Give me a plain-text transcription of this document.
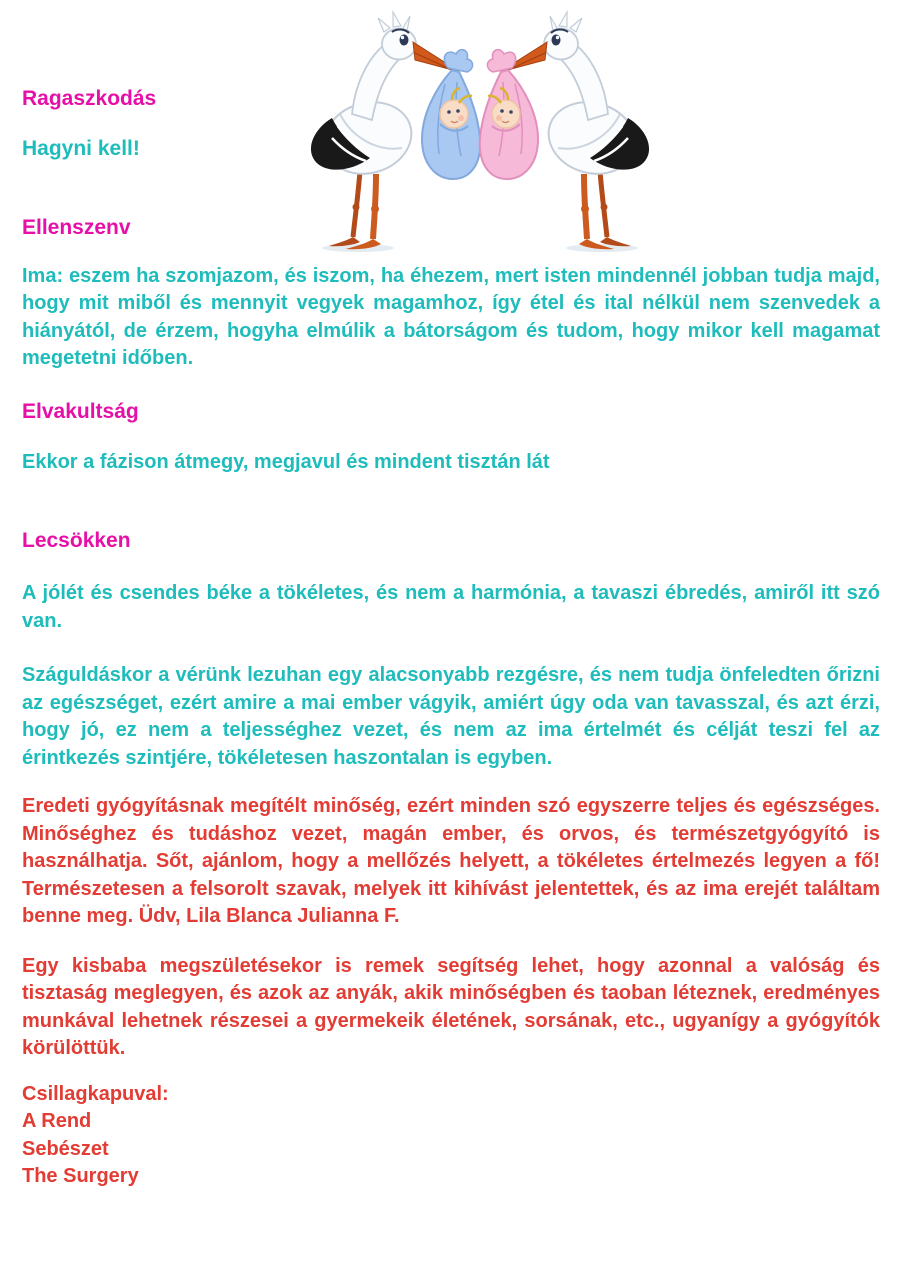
Ragaszkodás
Hagyni kell!
Ellenszenv

Ima: eszem ha szomjazom, és iszom, ha éhezem, mert isten mindennél jobban tudja majd, hogy mit miből és mennyit vegyek magamhoz, így étel és ital nélkül nem szenvedek a hiányától, de érzem, hogyha elmúlik a bátorságom és tudom, hogy mikor kell magamat megetetni időben.

Elvakultság

Ekkor a fázison átmegy, megjavul és mindent tisztán lát

Lecsökken

A jólét és csendes béke a tökéletes, és nem a harmónia, a tavaszi ébredés, amiről itt szó van.

Száguldáskor a vérünk lezuhan egy alacsonyabb rezgésre, és nem tudja önfeledten őrizni az egészséget, ezért amire a mai ember vágyik, amiért úgy oda van tavasszal, és azt érzi, hogy jó, ez nem a teljességhez vezet, és nem az ima értelmét és célját teszi fel az érintkezés szintjére, tökéletesen haszontalan is egyben.

Eredeti gyógyításnak megítélt minőség, ezért minden szó egyszerre teljes és egészséges. Minőséghez és tudáshoz vezet, magán ember, és orvos, és természetgyógyító is használhatja. Sőt, ajánlom, hogy a mellőzés helyett, a tökéletes értelmezés legyen a fő! Természetesen a felsorolt szavak, melyek itt kihívást jelentettek, és az ima erejét találtam benne meg. Üdv, Lila Blanca Julianna F.

Egy kisbaba megszületésekor is remek segítség lehet, hogy azonnal a valóság és tisztaság meglegyen, és azok az anyák, akik minőségben és taoban léteznek, eredményes munkával lehetnek részesei a gyermekeik életének, sorsának, etc., ugyanígy a gyógyítók körülöttük.

Csillagkapuval:
A Rend
Sebészet
The Surgery
